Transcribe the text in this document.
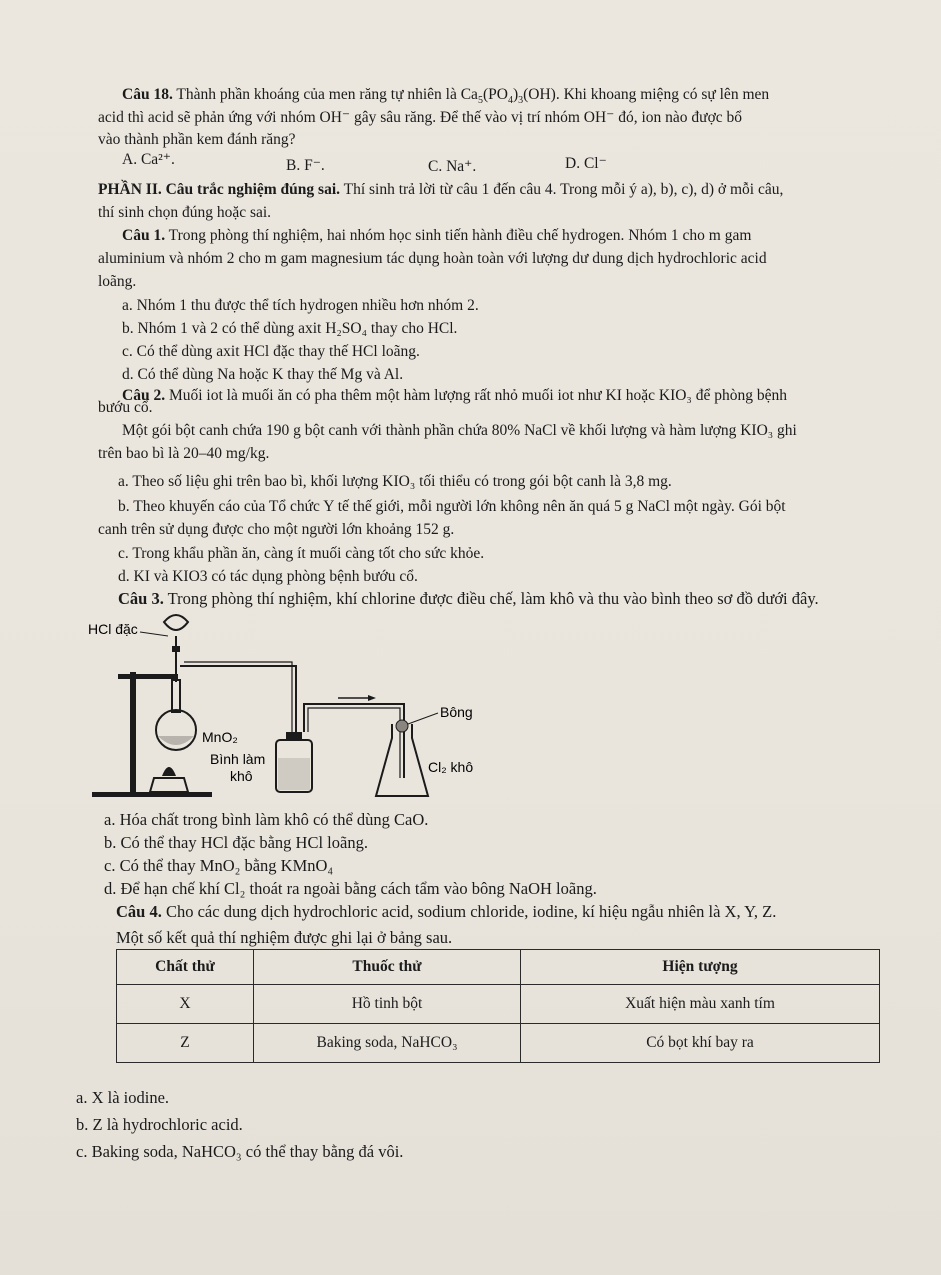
Câu 18. Thành phần khoáng của men răng tự nhiên là $Ca_5(PO_4)_3(OH)$. Khi khoang miệng có sự lên men
acid thì acid sẽ phản ứng với nhóm OH⁻ gây sâu răng. Để thế vào vị trí nhóm OH⁻ đó, ion nào được bổ
vào thành phần kem đánh răng?
A. Ca²⁺.	B. F⁻.	C. Na⁺.	D. Cl⁻
PHẦN II. Câu trắc nghiệm đúng sai. Thí sinh trả lời từ câu 1 đến câu 4. Trong mỗi ý a), b), c), d) ở mỗi câu,
thí sinh chọn đúng hoặc sai.
Câu 1. Trong phòng thí nghiệm, hai nhóm học sinh tiến hành điều chế hydrogen. Nhóm 1 cho m gam
aluminium và nhóm 2 cho m gam magnesium tác dụng hoàn toàn với lượng dư dung dịch hydrochloric acid
loãng.
a. Nhóm 1 thu được thể tích hydrogen nhiều hơn nhóm 2.
b. Nhóm 1 và 2 có thể dùng axit H₂SO₄ thay cho HCl.
c. Có thể dùng axit HCl đặc thay thế HCl loãng.
d. Có thể dùng Na hoặc K thay thế Mg và Al.
Câu 2. Muối iot là muối ăn có pha thêm một hàm lượng rất nhỏ muối iot như KI hoặc KIO₃ để phòng bệnh
bướu cổ.
Một gói bột canh chứa 190 g bột canh với thành phần chứa 80% NaCl về khối lượng và hàm lượng KIO₃ ghi
trên bao bì là 20–40 mg/kg.
a. Theo số liệu ghi trên bao bì, khối lượng KIO₃ tối thiểu có trong gói bột canh là 3,8 mg.
b. Theo khuyến cáo của Tổ chức Y tế thế giới, mỗi người lớn không nên ăn quá 5 g NaCl một ngày. Gói bột
canh trên sử dụng được cho một người lớn khoảng 152 g.
c. Trong khẩu phần ăn, càng ít muối càng tốt cho sức khỏe.
d. KI và KIO3 có tác dụng phòng bệnh bướu cổ.
Câu 3. Trong phòng thí nghiệm, khí chlorine được điều chế, làm khô và thu vào bình theo sơ đồ dưới đây.
HCl đặc
MnO₂
Bình làm
khô
Bông
Cl₂ khô
a. Hóa chất trong bình làm khô có thể dùng CaO.
b. Có thể thay HCl đặc bằng HCl loãng.
c. Có thể thay MnO₂ bằng KMnO₄
d. Để hạn chế khí Cl₂ thoát ra ngoài bằng cách tẩm vào bông NaOH loãng.
Câu 4. Cho các dung dịch hydrochloric acid, sodium chloride, iodine, kí hiệu ngẫu nhiên là X, Y, Z.
Một số kết quả thí nghiệm được ghi lại ở bảng sau.
Chất thử	Thuốc thử	Hiện tượng
X	Hồ tinh bột	Xuất hiện màu xanh tím
Z	Baking soda, NaHCO₃	Có bọt khí bay ra
a. X là iodine.
b. Z là hydrochloric acid.
c. Baking soda, NaHCO₃ có thể thay bằng đá vôi.
